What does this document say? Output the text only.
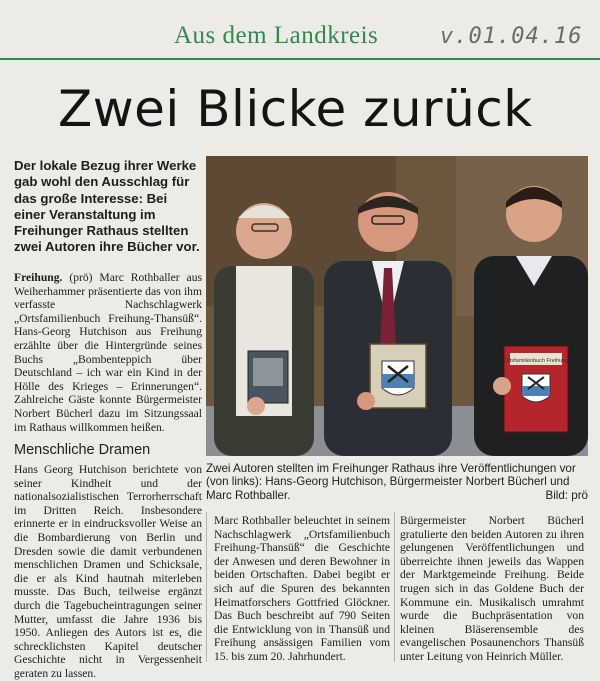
Aus dem Landkreis	v.01.04.16
Zwei Blicke zurück
Der lokale Bezug ihrer Werke gab wohl den Ausschlag für das große Interesse: Bei einer Veranstaltung im Freihunger Rathaus stellten zwei Autoren ihre Bücher vor.

Freihung. (prö) Marc Rothballer aus Weiherhammer präsentierte das von ihm verfasste Nachschlagwerk „Ortsfamilienbuch Freihung-Thansüß“. Hans-Georg Hutchison aus Freihung erzählte über die Hintergründe seines Buchs „Bombenteppich über Deutschland – ich war ein Kind in der Hölle des Krieges – Erinnerungen“. Zahlreiche Gäste konnte Bürgermeister Norbert Bücherl dazu im Sitzungssaal im Rathaus willkommen heißen.

Menschliche Dramen

Hans Georg Hutchison berichtete von seiner Kindheit und der nationalsozialistischen Terrorherrschaft im Dritten Reich. Insbesondere erinnerte er in eindrucksvoller Weise an die Bombardierung von Berlin und Dresden sowie die damit verbundenen menschlichen Dramen und Schicksale, die er als Kind hautnah miterleben musste. Das Buch, teilweise ergänzt durch die Tagebucheintragungen seiner Mutter, umfasst die Jahre 1936 bis 1950. Anliegen des Autors ist es, die schrecklichsten Kapitel deutscher Geschichte nicht in Vergessenheit geraten zu lassen.

Ortsfamilienbuch Freihung
Zwei Autoren stellten im Freihunger Rathaus ihre Veröffentlichungen vor (von links): Hans-Georg Hutchison, Bürgermeister Norbert Bücherl und Marc Rothballer.	Bild: prö

Marc Rothballer beleuchtet in seinem Nachschlagwerk „Ortsfamilienbuch Freihung-Thansüß“ die Geschichte der Anwesen und deren Bewohner in beiden Ortschaften. Dabei begibt er sich auf die Spuren des bekannten Heimatforschers Gottfried Glöckner. Das Buch beschreibt auf 790 Seiten die Entwicklung von in Thansüß und Freihung ansässigen Familien vom 15. bis zum 20. Jahrhundert.

Bürgermeister Norbert Bücherl gratulierte den beiden Autoren zu ihren gelungenen Veröffentlichungen und überreichte ihnen jeweils das Wappen der Marktgemeinde Freihung. Beide trugen sich in das Goldene Buch der Kommune ein. Musikalisch umrahmt wurde die Buchpräsentation von kleinen Bläserensemble des evangelischen Posaunenchors Thansüß unter Leitung von Heinrich Müller.
